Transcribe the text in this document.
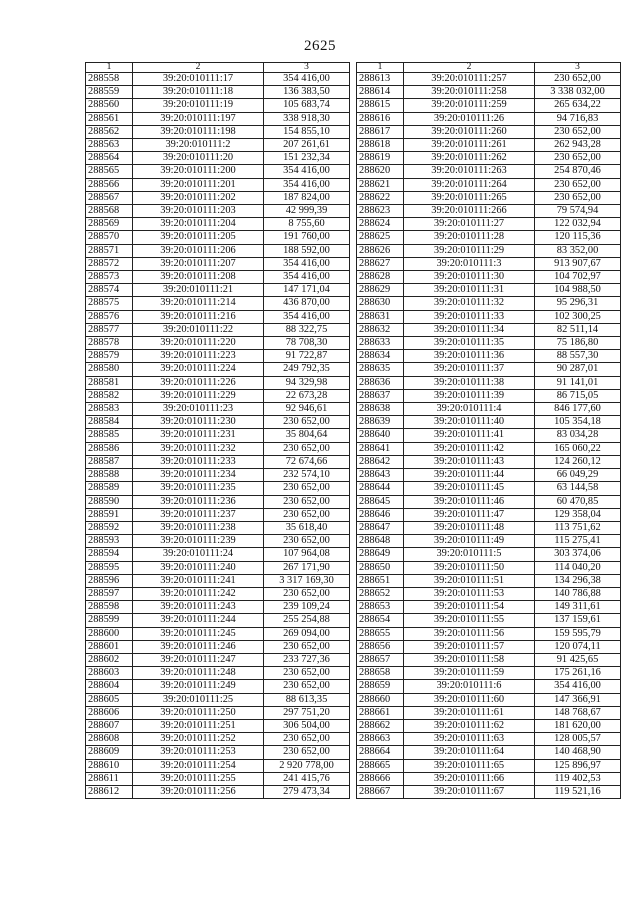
2625
1	2	3
288558	39:20:010111:17	354 416,00
288559	39:20:010111:18	136 383,50
288560	39:20:010111:19	105 683,74
288561	39:20:010111:197	338 918,30
288562	39:20:010111:198	154 855,10
288563	39:20:010111:2	207 261,61
288564	39:20:010111:20	151 232,34
288565	39:20:010111:200	354 416,00
288566	39:20:010111:201	354 416,00
288567	39:20:010111:202	187 824,00
288568	39:20:010111:203	42 999,39
288569	39:20:010111:204	8 755,60
288570	39:20:010111:205	191 760,00
288571	39:20:010111:206	188 592,00
288572	39:20:010111:207	354 416,00
288573	39:20:010111:208	354 416,00
288574	39:20:010111:21	147 171,04
288575	39:20:010111:214	436 870,00
288576	39:20:010111:216	354 416,00
288577	39:20:010111:22	88 322,75
288578	39:20:010111:220	78 708,30
288579	39:20:010111:223	91 722,87
288580	39:20:010111:224	249 792,35
288581	39:20:010111:226	94 329,98
288582	39:20:010111:229	22 673,28
288583	39:20:010111:23	92 946,61
288584	39:20:010111:230	230 652,00
288585	39:20:010111:231	35 804,64
288586	39:20:010111:232	230 652,00
288587	39:20:010111:233	72 674,66
288588	39:20:010111:234	232 574,10
288589	39:20:010111:235	230 652,00
288590	39:20:010111:236	230 652,00
288591	39:20:010111:237	230 652,00
288592	39:20:010111:238	35 618,40
288593	39:20:010111:239	230 652,00
288594	39:20:010111:24	107 964,08
288595	39:20:010111:240	267 171,90
288596	39:20:010111:241	3 317 169,30
288597	39:20:010111:242	230 652,00
288598	39:20:010111:243	239 109,24
288599	39:20:010111:244	255 254,88
288600	39:20:010111:245	269 094,00
288601	39:20:010111:246	230 652,00
288602	39:20:010111:247	233 727,36
288603	39:20:010111:248	230 652,00
288604	39:20:010111:249	230 652,00
288605	39:20:010111:25	88 613,35
288606	39:20:010111:250	297 751,20
288607	39:20:010111:251	306 504,00
288608	39:20:010111:252	230 652,00
288609	39:20:010111:253	230 652,00
288610	39:20:010111:254	2 920 778,00
288611	39:20:010111:255	241 415,76
288612	39:20:010111:256	279 473,34
1	2	3
288613	39:20:010111:257	230 652,00
288614	39:20:010111:258	3 338 032,00
288615	39:20:010111:259	265 634,22
288616	39:20:010111:26	94 716,83
288617	39:20:010111:260	230 652,00
288618	39:20:010111:261	262 943,28
288619	39:20:010111:262	230 652,00
288620	39:20:010111:263	254 870,46
288621	39:20:010111:264	230 652,00
288622	39:20:010111:265	230 652,00
288623	39:20:010111:266	79 574,94
288624	39:20:010111:27	122 032,94
288625	39:20:010111:28	120 115,36
288626	39:20:010111:29	83 352,00
288627	39:20:010111:3	913 907,67
288628	39:20:010111:30	104 702,97
288629	39:20:010111:31	104 988,50
288630	39:20:010111:32	95 296,31
288631	39:20:010111:33	102 300,25
288632	39:20:010111:34	82 511,14
288633	39:20:010111:35	75 186,80
288634	39:20:010111:36	88 557,30
288635	39:20:010111:37	90 287,01
288636	39:20:010111:38	91 141,01
288637	39:20:010111:39	86 715,05
288638	39:20:010111:4	846 177,60
288639	39:20:010111:40	105 354,18
288640	39:20:010111:41	83 034,28
288641	39:20:010111:42	165 060,22
288642	39:20:010111:43	124 260,12
288643	39:20:010111:44	66 049,29
288644	39:20:010111:45	63 144,58
288645	39:20:010111:46	60 470,85
288646	39:20:010111:47	129 358,04
288647	39:20:010111:48	113 751,62
288648	39:20:010111:49	115 275,41
288649	39:20:010111:5	303 374,06
288650	39:20:010111:50	114 040,20
288651	39:20:010111:51	134 296,38
288652	39:20:010111:53	140 786,88
288653	39:20:010111:54	149 311,61
288654	39:20:010111:55	137 159,61
288655	39:20:010111:56	159 595,79
288656	39:20:010111:57	120 074,11
288657	39:20:010111:58	91 425,65
288658	39:20:010111:59	175 261,16
288659	39:20:010111:6	354 416,00
288660	39:20:010111:60	147 366,91
288661	39:20:010111:61	148 768,67
288662	39:20:010111:62	181 620,00
288663	39:20:010111:63	128 005,57
288664	39:20:010111:64	140 468,90
288665	39:20:010111:65	125 896,97
288666	39:20:010111:66	119 402,53
288667	39:20:010111:67	119 521,16
